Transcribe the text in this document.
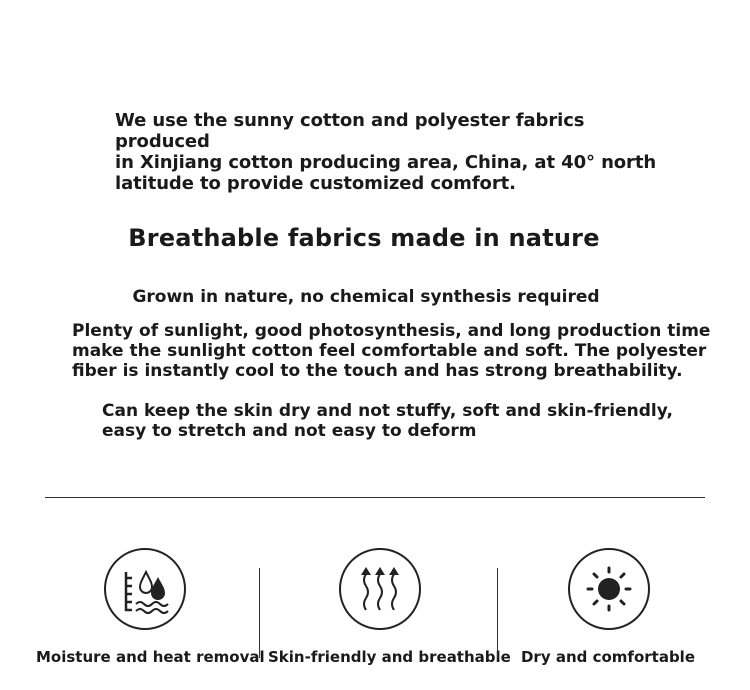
We use the sunny cotton and polyester fabrics produced
in Xinjiang cotton producing area, China, at 40° north
latitude to provide customized comfort.
Breathable fabrics made in nature
Grown in nature, no chemical synthesis required
Plenty of sunlight, good photosynthesis, and long production time
make the sunlight cotton feel comfortable and soft. The polyester
fiber is instantly cool to the touch and has strong breathability.
Can keep the skin dry and not stuffy, soft and skin-friendly,
easy to stretch and not easy to deform
Moisture and heat removal Skin-friendly and breathable Dry and comfortable
